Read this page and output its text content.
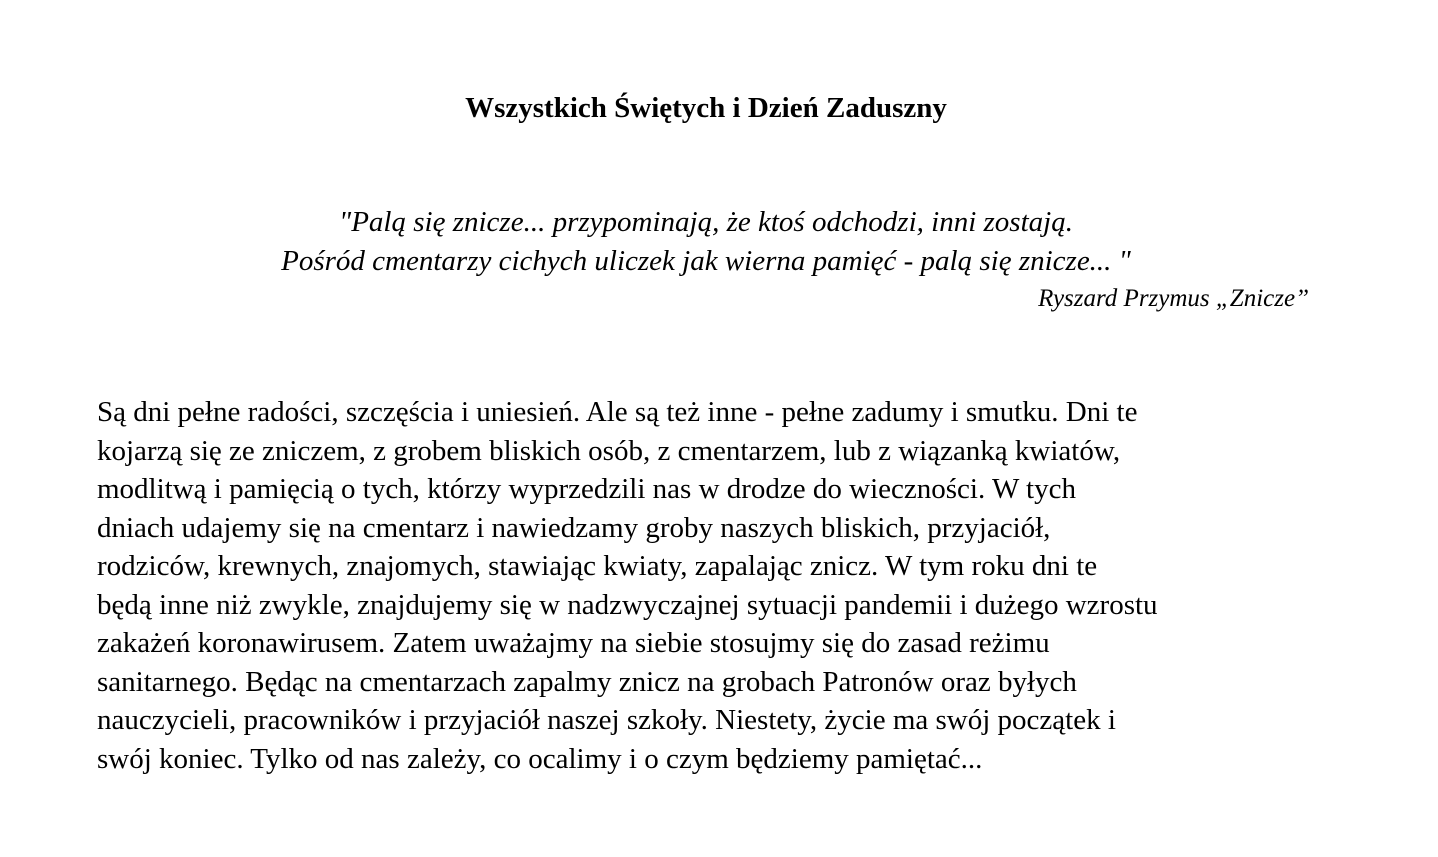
Wszystkich Świętych i Dzień Zaduszny
"Palą się znicze... przypominają, że ktoś odchodzi, inni zostają.
Pośród cmentarzy cichych uliczek jak wierna pamięć - palą się znicze... "
Ryszard Przymus „Znicze”
Są dni pełne radości, szczęścia i uniesień. Ale są też inne - pełne zadumy i smutku. Dni te
kojarzą się ze zniczem, z grobem bliskich osób, z cmentarzem, lub z wiązanką kwiatów,
modlitwą i pamięcią o tych, którzy wyprzedzili nas w drodze do wieczności. W tych
dniach udajemy się na cmentarz i nawiedzamy groby naszych bliskich, przyjaciół,
rodziców, krewnych, znajomych, stawiając kwiaty, zapalając znicz. W tym roku dni te
będą inne niż zwykle, znajdujemy się w nadzwyczajnej sytuacji pandemii i dużego wzrostu
zakażeń koronawirusem. Zatem uważajmy na siebie stosujmy się do zasad reżimu
sanitarnego. Będąc na cmentarzach zapalmy znicz na grobach Patronów oraz byłych
nauczycieli, pracowników i przyjaciół naszej szkoły. Niestety, życie ma swój początek i
swój koniec. Tylko od nas zależy, co ocalimy i o czym będziemy pamiętać...
